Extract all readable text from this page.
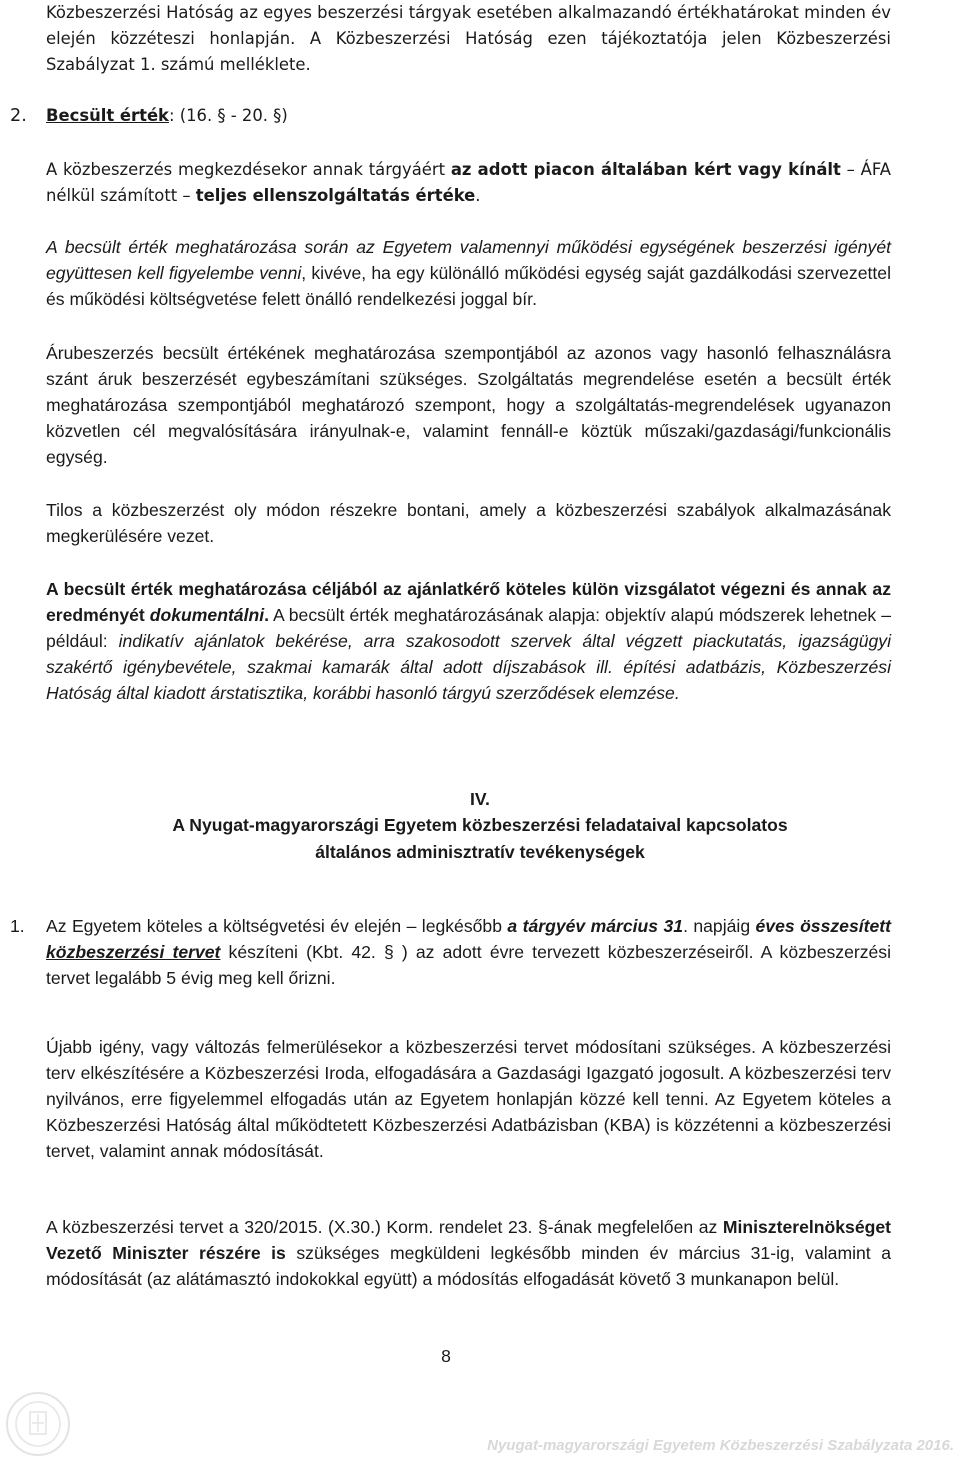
Közbeszerzési Hatóság az egyes beszerzési tárgyak esetében alkalmazandó értékhatárokat minden év elején közzéteszi honlapján. A Közbeszerzési Hatóság ezen tájékoztatója jelen Közbeszerzési Szabályzat 1. számú melléklete.

2. Becsült érték: (16. § - 20. §)

A közbeszerzés megkezdésekor annak tárgyáért az adott piacon általában kért vagy kínált – ÁFA nélkül számított – teljes ellenszolgáltatás értéke.

A becsült érték meghatározása során az Egyetem valamennyi működési egységének beszerzési igényét együttesen kell figyelembe venni, kivéve, ha egy különálló működési egység saját gazdálkodási szervezettel és működési költségvetése felett önálló rendelkezési joggal bír.

Árubeszerzés becsült értékének meghatározása szempontjából az azonos vagy hasonló felhasználásra szánt áruk beszerzését egybeszámítani szükséges. Szolgáltatás megrendelése esetén a becsült érték meghatározása szempontjából meghatározó szempont, hogy a szolgáltatás-megrendelések ugyanazon közvetlen cél megvalósítására irányulnak-e, valamint fennáll-e köztük műszaki/gazdasági/funkcionális egység.

Tilos a közbeszerzést oly módon részekre bontani, amely a közbeszerzési szabályok alkalmazásának megkerülésére vezet.

A becsült érték meghatározása céljából az ajánlatkérő köteles külön vizsgálatot végezni és annak az eredményét dokumentálni. A becsült érték meghatározásának alapja: objektív alapú módszerek lehetnek – például: indikatív ajánlatok bekérése, arra szakosodott szervek által végzett piackutatás, igazságügyi szakértő igénybevétele, szakmai kamarák által adott díjszabások ill. építési adatbázis, Közbeszerzési Hatóság által kiadott árstatisztika, korábbi hasonló tárgyú szerződések elemzése.

IV.

A Nyugat-magyarországi Egyetem közbeszerzési feladataival kapcsolatos

általános adminisztratív tevékenységek

1. Az Egyetem köteles a költségvetési év elején – legkésőbb a tárgyév március 31. napjáig éves összesített közbeszerzési tervet készíteni (Kbt. 42. § ) az adott évre tervezett közbeszerzéseiről. A közbeszerzési tervet legalább 5 évig meg kell őrizni.

Újabb igény, vagy változás felmerülésekor a közbeszerzési tervet módosítani szükséges. A közbeszerzési terv elkészítésére a Közbeszerzési Iroda, elfogadására a Gazdasági Igazgató jogosult. A közbeszerzési terv nyilvános, erre figyelemmel elfogadás után az Egyetem honlapján közzé kell tenni. Az Egyetem köteles a Közbeszerzési Hatóság által működtetett Közbeszerzési Adatbázisban (KBA) is közzétenni a közbeszerzési tervet, valamint annak módosítását.

A közbeszerzési tervet a 320/2015. (X.30.) Korm. rendelet 23. §-ának megfelelően az Miniszterelnökséget Vezető Miniszter részére is szükséges megküldeni legkésőbb minden év március 31-ig, valamint a módosítását (az alátámasztó indokokkal együtt) a módosítás elfogadását követő 3 munkanapon belül.

8
Nyugat-magyarországi Egyetem Közbeszerzési Szabályzata 2016.
